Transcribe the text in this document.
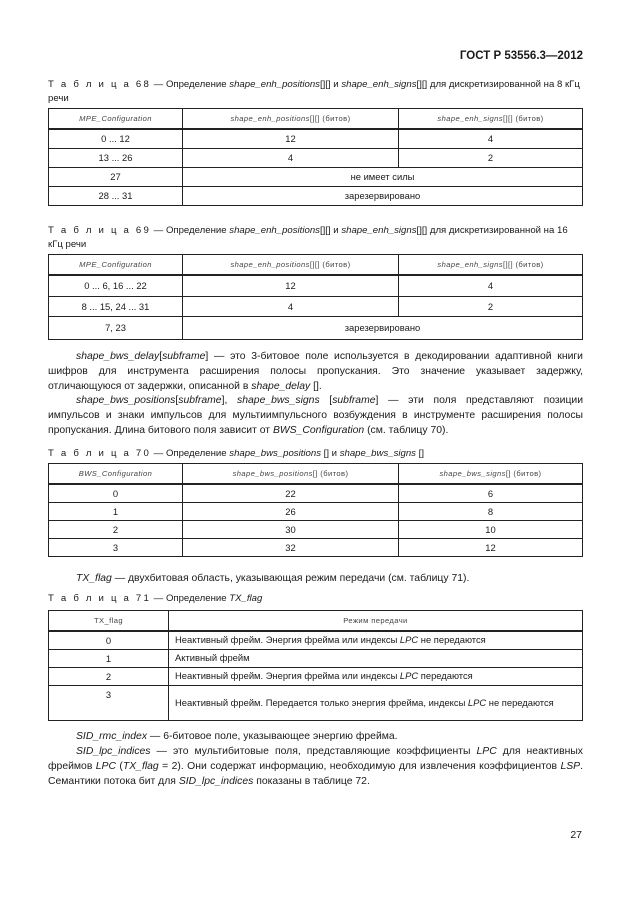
ГОСТ Р 53556.3—2012
Т а б л и ц а 68 — Определение shape_enh_positions[][] и shape_enh_signs[][] для дискретизированной на 8 кГц речи
MPE_Configuration	shape_enh_positions[][] (битов)	shape_enh_signs[][] (битов)
0 ... 12	12	4
13 ... 26	4	2
27	не имеет силы	
28 ... 31	зарезервировано	
Т а б л и ц а 69 — Определение shape_enh_positions[][] и shape_enh_signs[][] для дискретизированной на 16 кГц речи
MPE_Configuration	shape_enh_positions[][] (битов)	shape_enh_signs[][] (битов)
0 ... 6, 16 ... 22	12	4
8 ... 15, 24 ... 31	4	2
7, 23	зарезервировано	
shape_bws_delay[subframe] — это 3-битовое поле используется в декодировании адаптивной книги шифров для инструмента расширения полосы пропускания. Это значение указывает задержку, отличающуюся от задержки, описанной в shape_delay [].
shape_bws_positions[subframe], shape_bws_signs [subframe] — эти поля представляют позиции импульсов и знаки импульсов для мультиимпульсного возбуждения в инструменте расширения полосы пропускания. Длина битового поля зависит от BWS_Configuration (см. таблицу 70).
Т а б л и ц а 70 — Определение shape_bws_positions [] и shape_bws_signs []
BWS_Configuration	shape_bws_positions[] (битов)	shape_bws_signs[] (битов)
0	22	6
1	26	8
2	30	10
3	32	12
TX_flag — двухбитовая область, указывающая режим передачи (см. таблицу 71).
Т а б л и ц а 71 — Определение TX_flag
TX_flag	Режим передачи
0	Неактивный фрейм. Энергия фрейма или индексы LPC не передаются
1	Активный фрейм
2	Неактивный фрейм. Энергия фрейма или индексы LPC передаются
3	Неактивный фрейм. Передается только энергия фрейма, индексы LPC не передаются
SID_rmc_index — 6-битовое поле, указывающее энергию фрейма.
SID_lpc_indices — это мультибитовые поля, представляющие коэффициенты LPC для неактивных фреймов LPC (TX_flag = 2). Они содержат информацию, необходимую для извлечения коэффициентов LSP. Семантики потока бит для SID_lpc_indices показаны в таблице 72.
27
